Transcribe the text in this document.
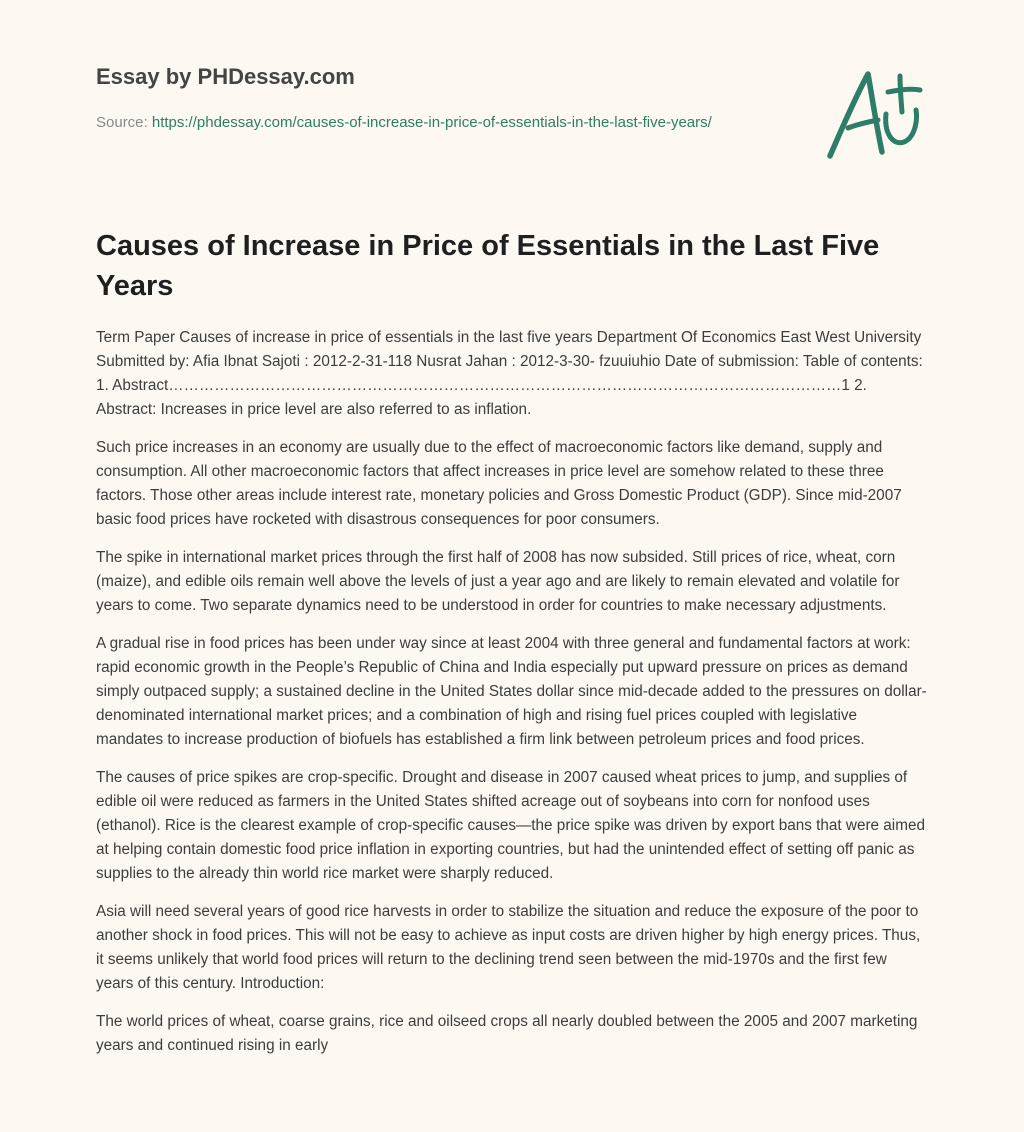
Essay by PHDessay.com
Source: https://phdessay.com/causes-of-increase-in-price-of-essentials-in-the-last-five-years/
Causes of Increase in Price of Essentials in the Last Five Years

Term Paper Causes of increase in price of essentials in the last five years Department Of Economics East West University Submitted by: Afia Ibnat Sajoti : 2012-2-31-118 Nusrat Jahan : 2012-3-30- fzuuiuhio Date of submission: Table of contents: 1. Abstract……………………………………………………………………………………………………………………1 2. Abstract: Increases in price level are also referred to as inflation.

Such price increases in an economy are usually due to the effect of macroeconomic factors like demand, supply and consumption. All other macroeconomic factors that affect increases in price level are somehow related to these three factors. Those other areas include interest rate, monetary policies and Gross Domestic Product (GDP). Since mid-2007 basic food prices have rocketed with disastrous consequences for poor consumers.

The spike in international market prices through the first half of 2008 has now subsided. Still prices of rice, wheat, corn (maize), and edible oils remain well above the levels of just a year ago and are likely to remain elevated and volatile for years to come. Two separate dynamics need to be understood in order for countries to make necessary adjustments.

A gradual rise in food prices has been under way since at least 2004 with three general and fundamental factors at work: rapid economic growth in the People’s Republic of China and India especially put upward pressure on prices as demand simply outpaced supply; a sustained decline in the United States dollar since mid-decade added to the pressures on dollar-denominated international market prices; and a combination of high and rising fuel prices coupled with legislative mandates to increase production of biofuels has established a firm link between petroleum prices and food prices.

The causes of price spikes are crop-specific. Drought and disease in 2007 caused wheat prices to jump, and supplies of edible oil were reduced as farmers in the United States shifted acreage out of soybeans into corn for nonfood uses (ethanol). Rice is the clearest example of crop-specific causes—the price spike was driven by export bans that were aimed at helping contain domestic food price inflation in exporting countries, but had the unintended effect of setting off panic as supplies to the already thin world rice market were sharply reduced.

Asia will need several years of good rice harvests in order to stabilize the situation and reduce the exposure of the poor to another shock in food prices. This will not be easy to achieve as input costs are driven higher by high energy prices. Thus, it seems unlikely that world food prices will return to the declining trend seen between the mid-1970s and the first few years of this century. Introduction:

The world prices of wheat, coarse grains, rice and oilseed crops all nearly doubled between the 2005 and 2007 marketing years and continued rising in early
